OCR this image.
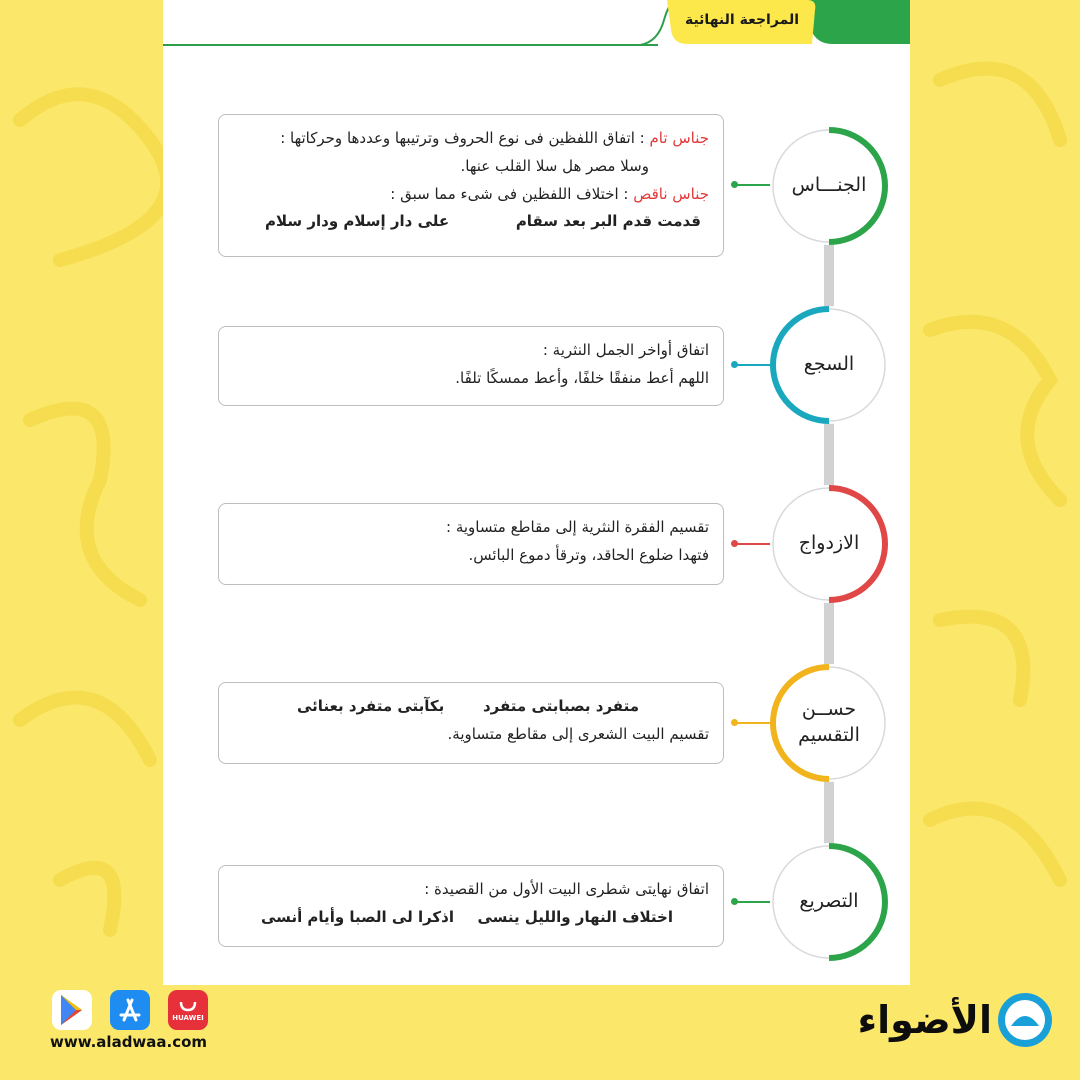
المراجعة النهائية
الجنـــاس
جناس تام : اتفاق اللفظين فى نوع الحروف وترتيبها وعددها وحركاتها :
وسلا مصر هل سلا القلب عنها.
جناس ناقص : اختلاف اللفظين فى شىء مما سبق :
قدمت قدم البر بعد سقام
على دار إسلام ودار سلام
السجع
اتفاق أواخر الجمل النثرية :
اللهم أعط منفقًا خلفًا، وأعط ممسكًا تلفًا.
الازدواج
تقسيم الفقرة النثرية إلى مقاطع متساوية :
فتهدا ضلوع الحاقد، وترقأ دموع البائس.
حســن
التقسيم
متفرد بصبابتى متفرد
بكآبتى متفرد بعنائى
تقسيم البيت الشعرى إلى مقاطع متساوية.
التصريع
اتفاق نهايتى شطرى البيت الأول من القصيدة :
اختلاف النهار والليل ينسى
اذكرا لى الصبا وأيام أنسى
HUAWEI
www.aladwaa.com	الأضواء
